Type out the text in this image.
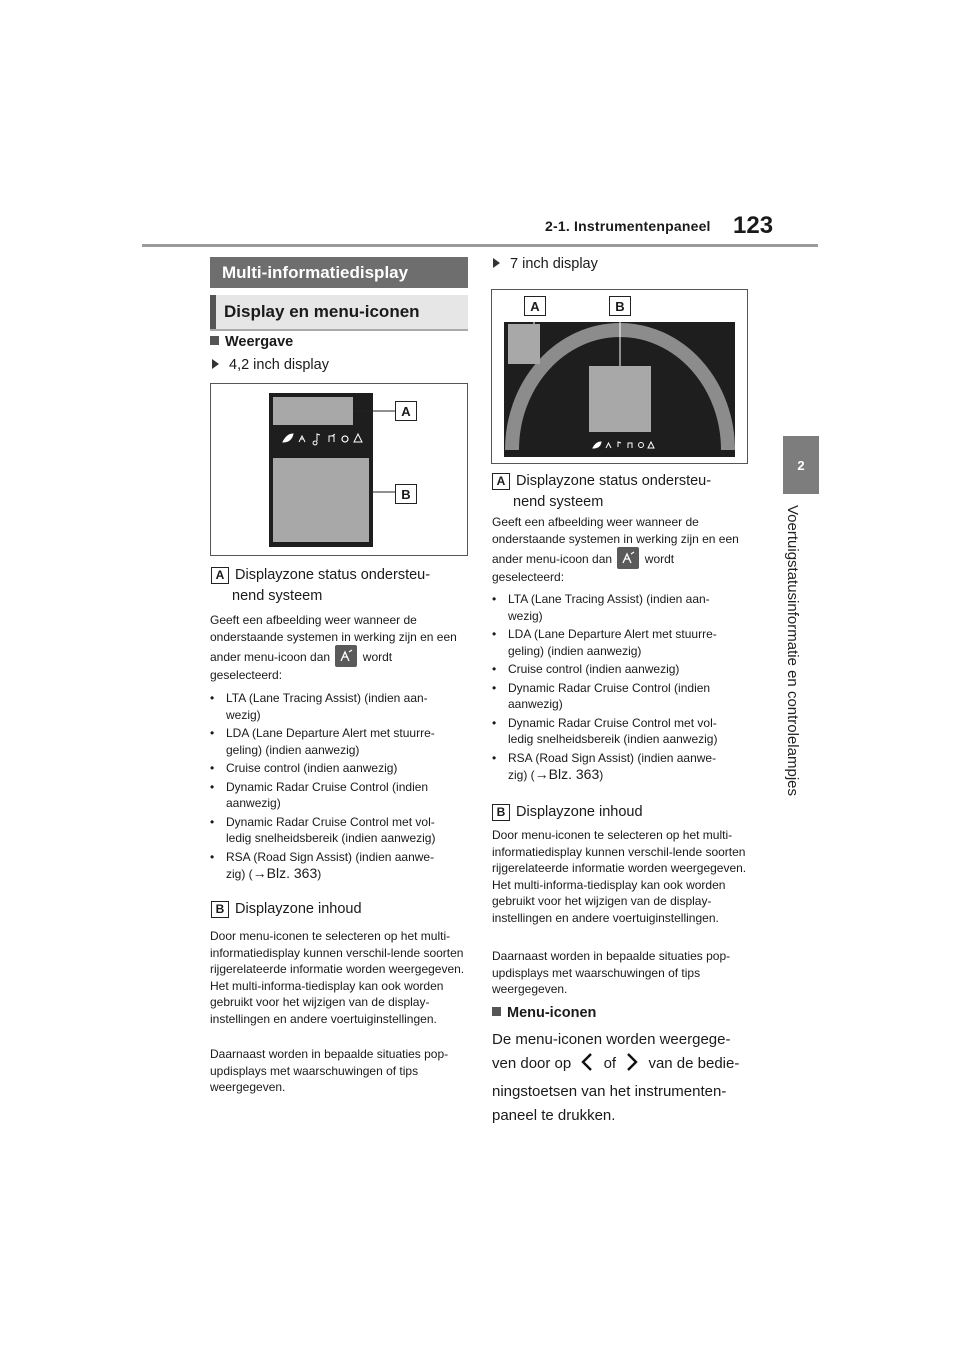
2-1. Instrumentenpaneel 123
2
Voertuigstatusinformatie en controlelampjes
Multi-informatiedisplay
Display en menu-iconen
Weergave
4,2 inch display
A
B
A Displayzone status ondersteu-
nend systeem
Geeft een afbeelding weer wanneer de onderstaande systemen in werking zijn en een ander menu-icoon dan	wordt geselecteerd:
• LTA (Lane Tracing Assist) (indien aan-
wezig)
• LDA (Lane Departure Alert met stuurre-
geling) (indien aanwezig)
• Cruise control (indien aanwezig)
• Dynamic Radar Cruise Control (indien
aanwezig)
• Dynamic Radar Cruise Control met vol-
ledig snelheidsbereik (indien aanwezig)
• RSA (Road Sign Assist) (indien aanwe-
zig) (→Blz. 363)
B Displayzone inhoud
Door menu-iconen te selecteren op het multi-informatiedisplay kunnen verschil-lende soorten rijgerelateerde informatie worden weergegeven. Het multi-informa-tiedisplay kan ook worden gebruikt voor het wijzigen van de display-instellingen en andere voertuiginstellingen.
Daarnaast worden in bepaalde situaties pop-updisplays met waarschuwingen of tips weergegeven.
7 inch display
A	B
A Displayzone status ondersteu-
nend systeem
Geeft een afbeelding weer wanneer de onderstaande systemen in werking zijn en een ander menu-icoon dan	wordt geselecteerd:
• LTA (Lane Tracing Assist) (indien aan-
wezig)
• LDA (Lane Departure Alert met stuurre-
geling) (indien aanwezig)
• Cruise control (indien aanwezig)
• Dynamic Radar Cruise Control (indien
aanwezig)
• Dynamic Radar Cruise Control met vol-
ledig snelheidsbereik (indien aanwezig)
• RSA (Road Sign Assist) (indien aanwe-
zig) (→Blz. 363)
B Displayzone inhoud
Door menu-iconen te selecteren op het multi-informatiedisplay kunnen verschil-lende soorten rijgerelateerde informatie worden weergegeven. Het multi-informa-tiedisplay kan ook worden gebruikt voor het wijzigen van de display-instellingen en andere voertuiginstellingen.
Daarnaast worden in bepaalde situaties pop-updisplays met waarschuwingen of tips weergegeven.
Menu-iconen
De menu-iconen worden weergege-ven door op of van de bedie-ningstoetsen van het instrumenten-paneel te drukken.
